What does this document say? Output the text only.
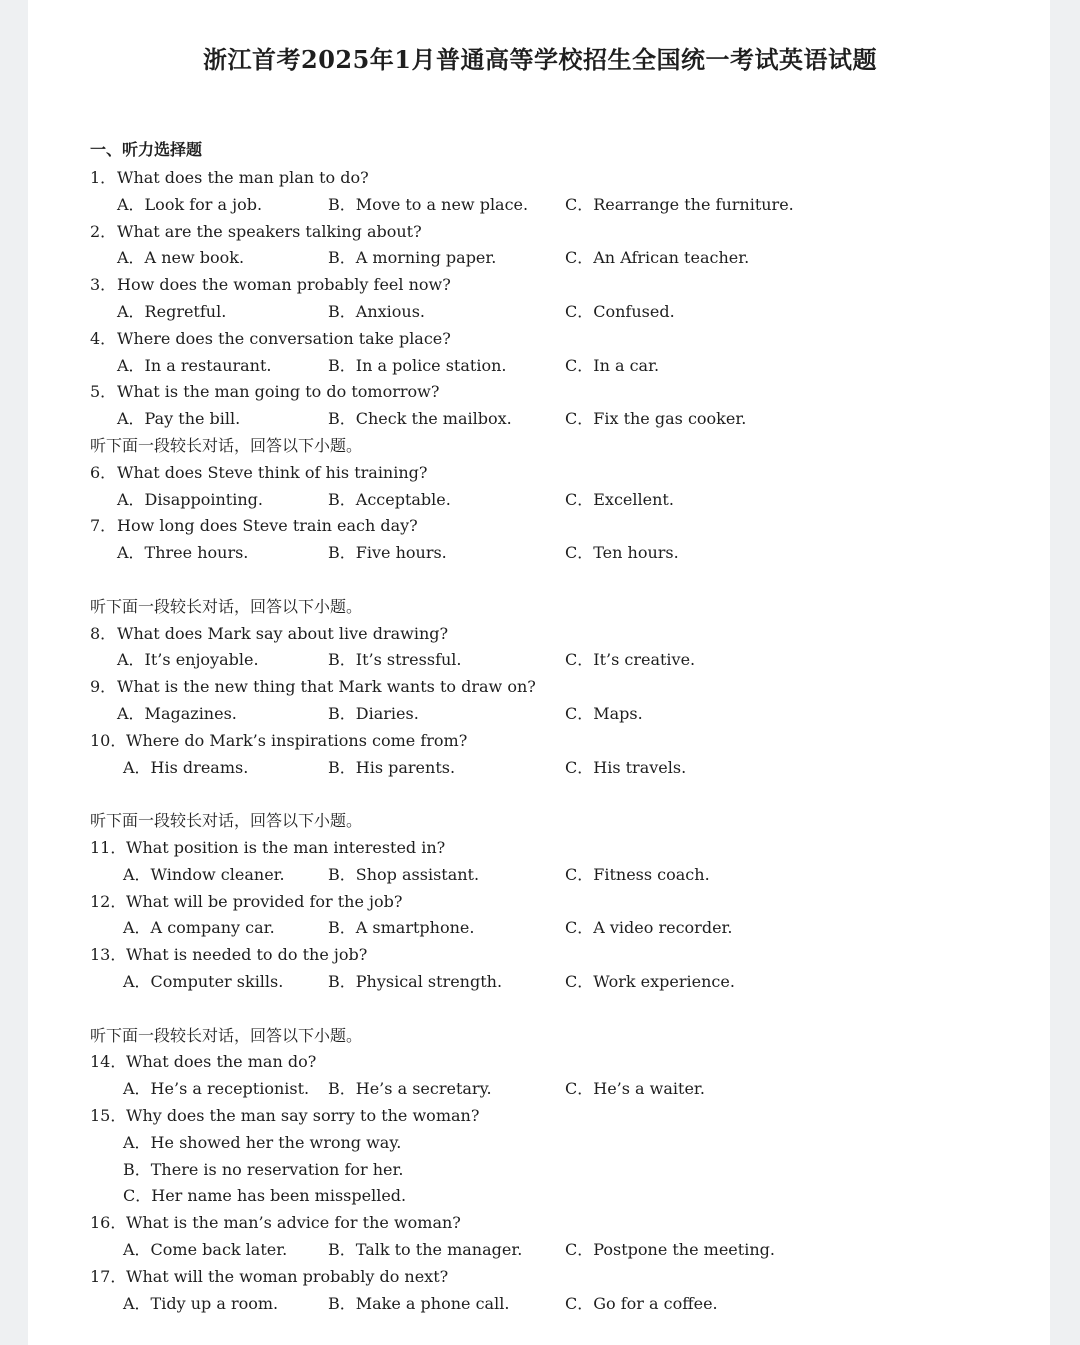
浙江首考2025年1月普通高等学校招生全国统一考试英语试题
一、听力选择题
1． What does the man plan to do?
A．Look for a job.	B．Move to a new place. C．Rearrange the furniture.
2． What are the speakers talking about?
A．A new book.	B．A morning paper.	C．An African teacher.
3． How does the woman probably feel now?
A．Regretful.	B．Anxious.	C．Confused.
4． Where does the conversation take place?
A．In a restaurant.	B．In a police station.	C．In a car.
5． What is the man going to do tomorrow?
A．Pay the bill.	B．Check the mailbox.	C．Fix the gas cooker.
听下面一段较长对话，回答以下小题。
6． What does Steve think of his training?
A．Disappointing.	B．Acceptable.	C．Excellent.
7． How long does Steve train each day?
A．Three hours.	B．Five hours.	C．Ten hours.
听下面一段较长对话，回答以下小题。
8． What does Mark say about live drawing?
A．It’s enjoyable.	B．It’s stressful.	C．It’s creative.
9． What is the new thing that Mark wants to draw on?
A．Magazines.	B．Diaries.	C．Maps.
10． Where do Mark’s inspirations come from?
A．His dreams.	B．His parents.	C．His travels.
听下面一段较长对话，回答以下小题。
11． What position is the man interested in?
A．Window cleaner.	B．Shop assistant.	C．Fitness coach.
12． What will be provided for the job?
A．A company car.	B．A smartphone.	C．A video recorder.
13． What is needed to do the job?
A．Computer skills.	B．Physical strength.	C．Work experience.
听下面一段较长对话，回答以下小题。
14． What does the man do?
A．He’s a receptionist. B．He’s a secretary.	C．He’s a waiter.
15． Why does the man say sorry to the woman?
A．He showed her the wrong way.
B．There is no reservation for her.
C．Her name has been misspelled.
16． What is the man’s advice for the woman?
A．Come back later.	B．Talk to the manager.	C．Postpone the meeting.
17． What will the woman probably do next?
A．Tidy up a room.	B．Make a phone call.	C．Go for a coffee.
